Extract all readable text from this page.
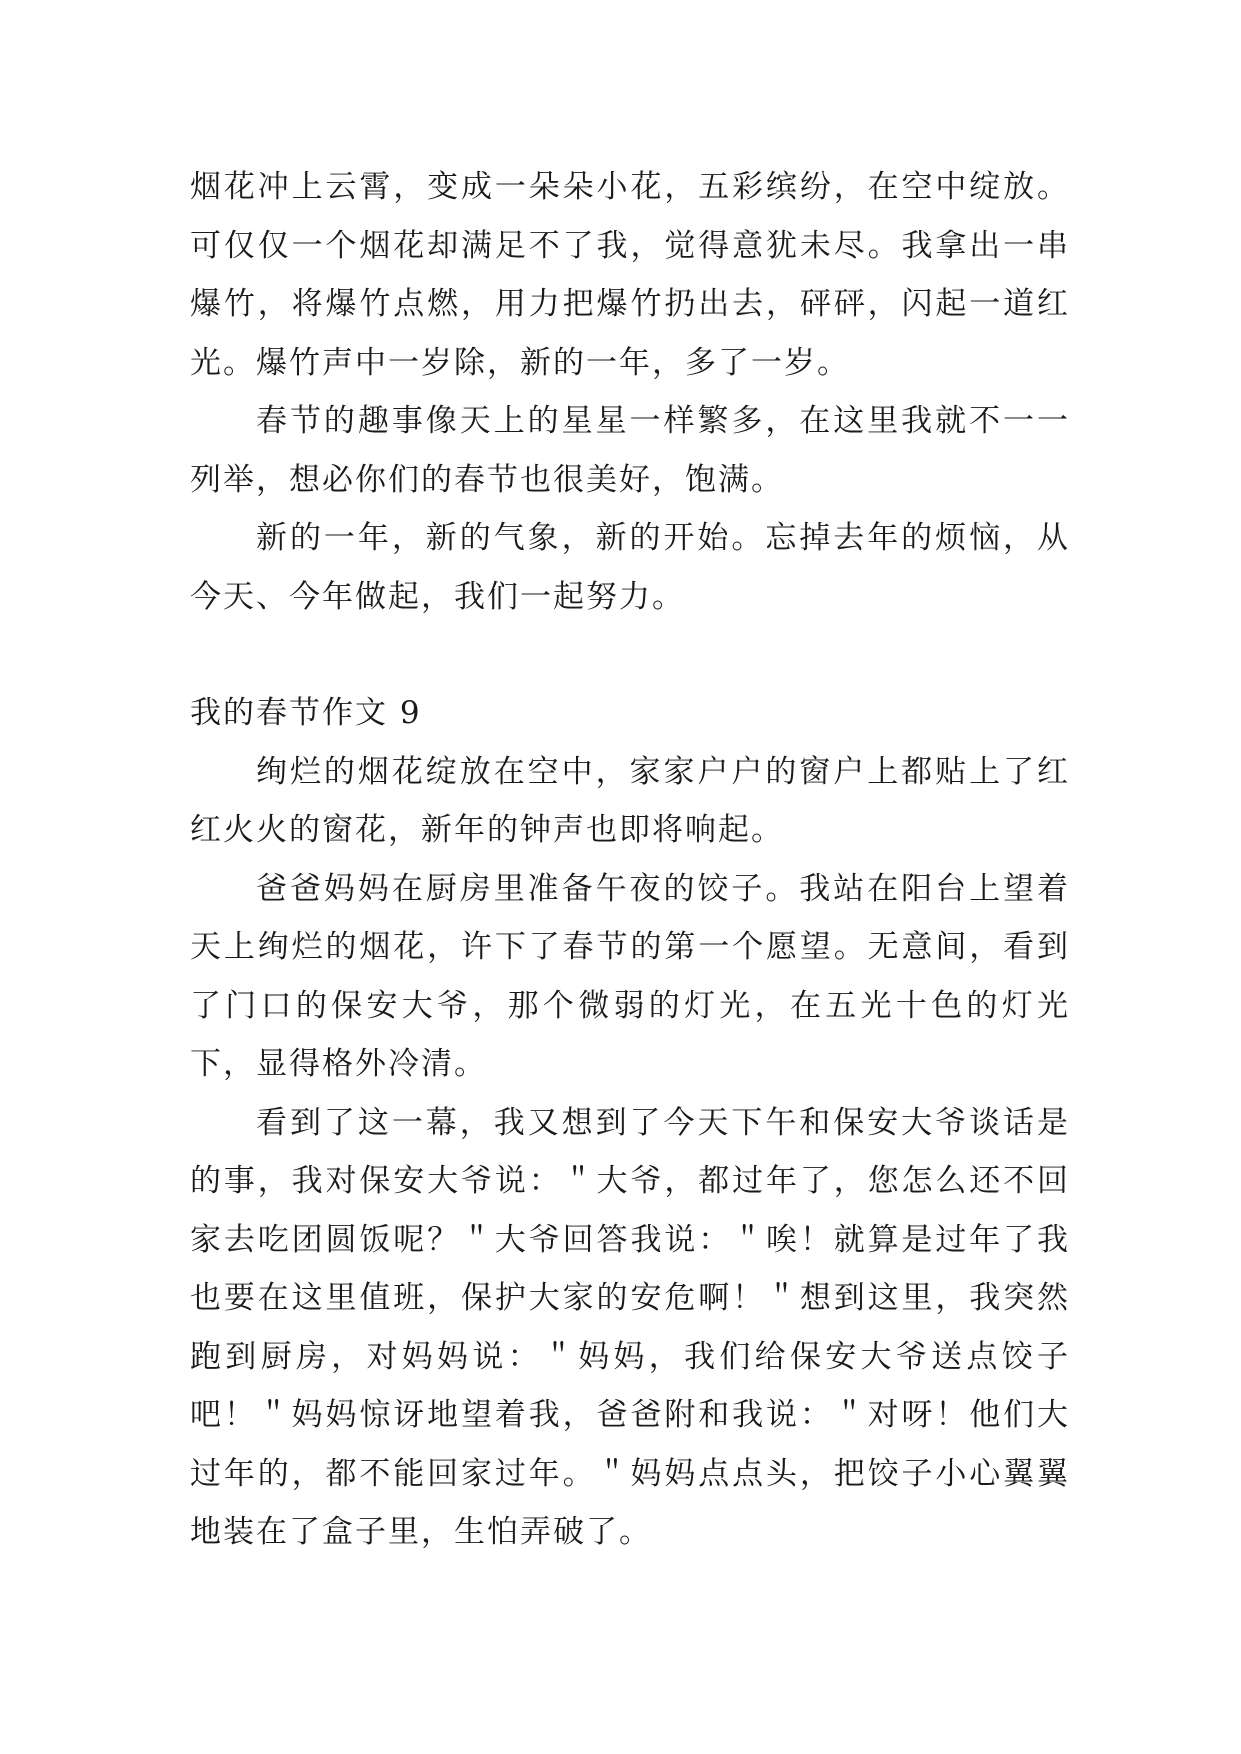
烟花冲上云霄，变成一朵朵小花，五彩缤纷，在空中绽放。可仅仅一个烟花却满足不了我，觉得意犹未尽。我拿出一串爆竹，将爆竹点燃，用力把爆竹扔出去，砰砰，闪起一道红光。爆竹声中一岁除，新的一年，多了一岁。

春节的趣事像天上的星星一样繁多，在这里我就不一一列举，想必你们的春节也很美好，饱满。

新的一年，新的气象，新的开始。忘掉去年的烦恼，从今天、今年做起，我们一起努力。

我的春节作文 9

绚烂的烟花绽放在空中，家家户户的窗户上都贴上了红红火火的窗花，新年的钟声也即将响起。

爸爸妈妈在厨房里准备午夜的饺子。我站在阳台上望着天上绚烂的烟花，许下了春节的第一个愿望。无意间，看到了门口的保安大爷，那个微弱的灯光，在五光十色的灯光下，显得格外冷清。

看到了这一幕，我又想到了今天下午和保安大爷谈话是的事，我对保安大爷说：＂大爷，都过年了，您怎么还不回家去吃团圆饭呢？＂大爷回答我说：＂唉！就算是过年了我也要在这里值班，保护大家的安危啊！＂想到这里，我突然跑到厨房，对妈妈说：＂妈妈，我们给保安大爷送点饺子吧！＂妈妈惊讶地望着我，爸爸附和我说：＂对呀！他们大过年的，都不能回家过年。＂妈妈点点头，把饺子小心翼翼地装在了盒子里，生怕弄破了。
